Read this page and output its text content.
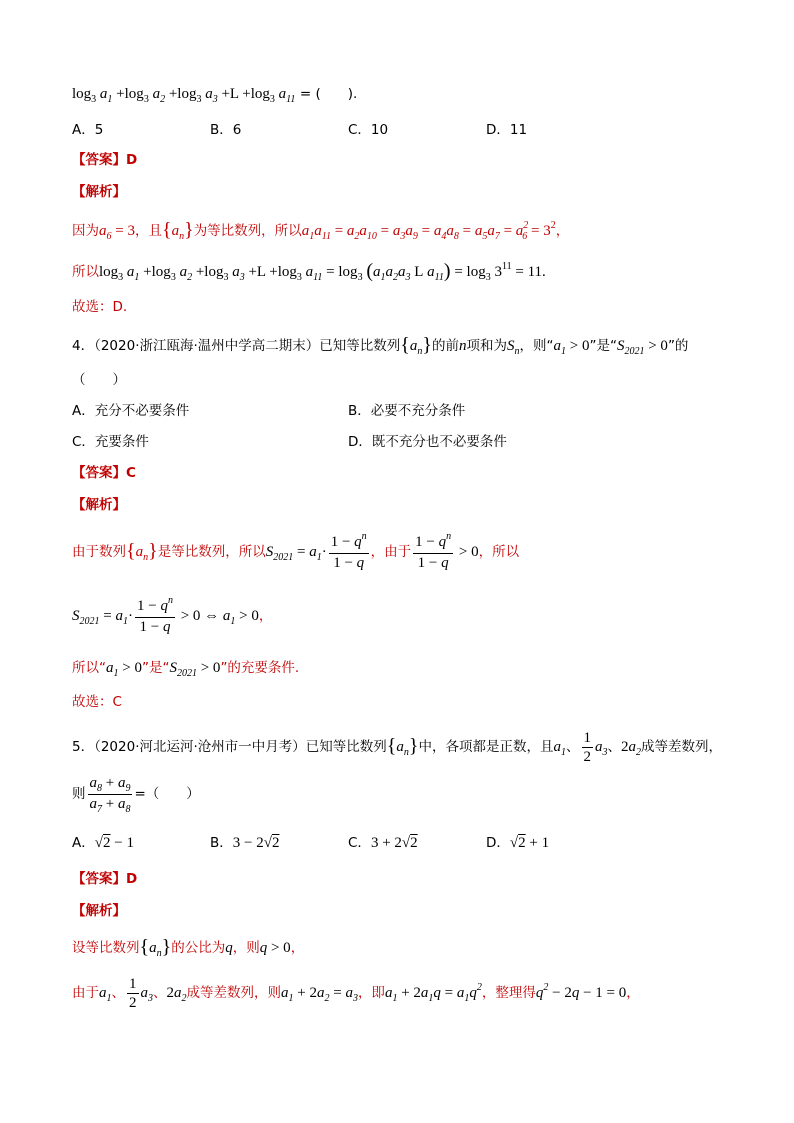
$\log_3 a_1 +\log_3$ $a_2 +\log_3$ $a_3 +L +\log_3$ $a_{11}$ = (　　).
A．5	B．6	C．10	D．11
【答案】D
【解析】
因为$a_6 = 3$，且$\{a_n\}$为等比数列，所以$a_1a_{11} = a_2a_{10} = a_3a_9 = a_4a_8 = a_5a_7 = a^2_6 = 3^2$，
所以$\log_3 a_1 +\log_3$ $a_2 +\log_3$ $a_3 +L +\log_3$ $a_{11} = \log_3 (a_1a_2a_3$ L $a_{11}) = \log_3 3^{11} = 11$.
故选：D.
4．（2020·浙江瓯海·温州中学高二期末）已知等比数列$\{a_n\}$的前n项和为$S_n$，则“$a_1 > 0$”是“$S_{2021} > 0$”的
（　　）
A．充分不必要条件	B．必要不充分条件
C．充要条件	D．既不充分也不必要条件
【答案】C
【解析】
由于数列$\{a_n\}$是等比数列，所以$S_{2021} = a_1\cdot \frac{1 - q^n}{1 - q}$ ，由于 $\frac{1 - q^n}{1 - q} > 0$，所以
$S_{2021} = a_1\cdot \frac{1 - q^n}{1 - q} > 0$ ⇔ $a_1 > 0$，
所以“$a_1 > 0$”是“$S_{2021} > 0$”的充要条件.
故选：C
5．（2020·河北运河·沧州市一中月考）已知等比数列$\{a_n\}$中，各项都是正数，且$a_1$、 $\frac{1}{2} a_3$、$2a_2$成等差数列，
则 $\frac{a_8 + a_9}{a_7 + a_8}$ =（　　）
A．√2 − 1	B．3 − 2√2	C．3 + 2√2	D．√2 + 1
【答案】D
【解析】
设等比数列$\{a_n\}$的公比为q，则q > 0，
由于$a_1$、 $\frac{1}{2} a_3$、$2a_2$成等差数列，则$a_1 + 2a_2 = a_3$，即$a_1 + 2a_1q = a_1q^2$，整理得$q^2 - 2q - 1 = 0$，
